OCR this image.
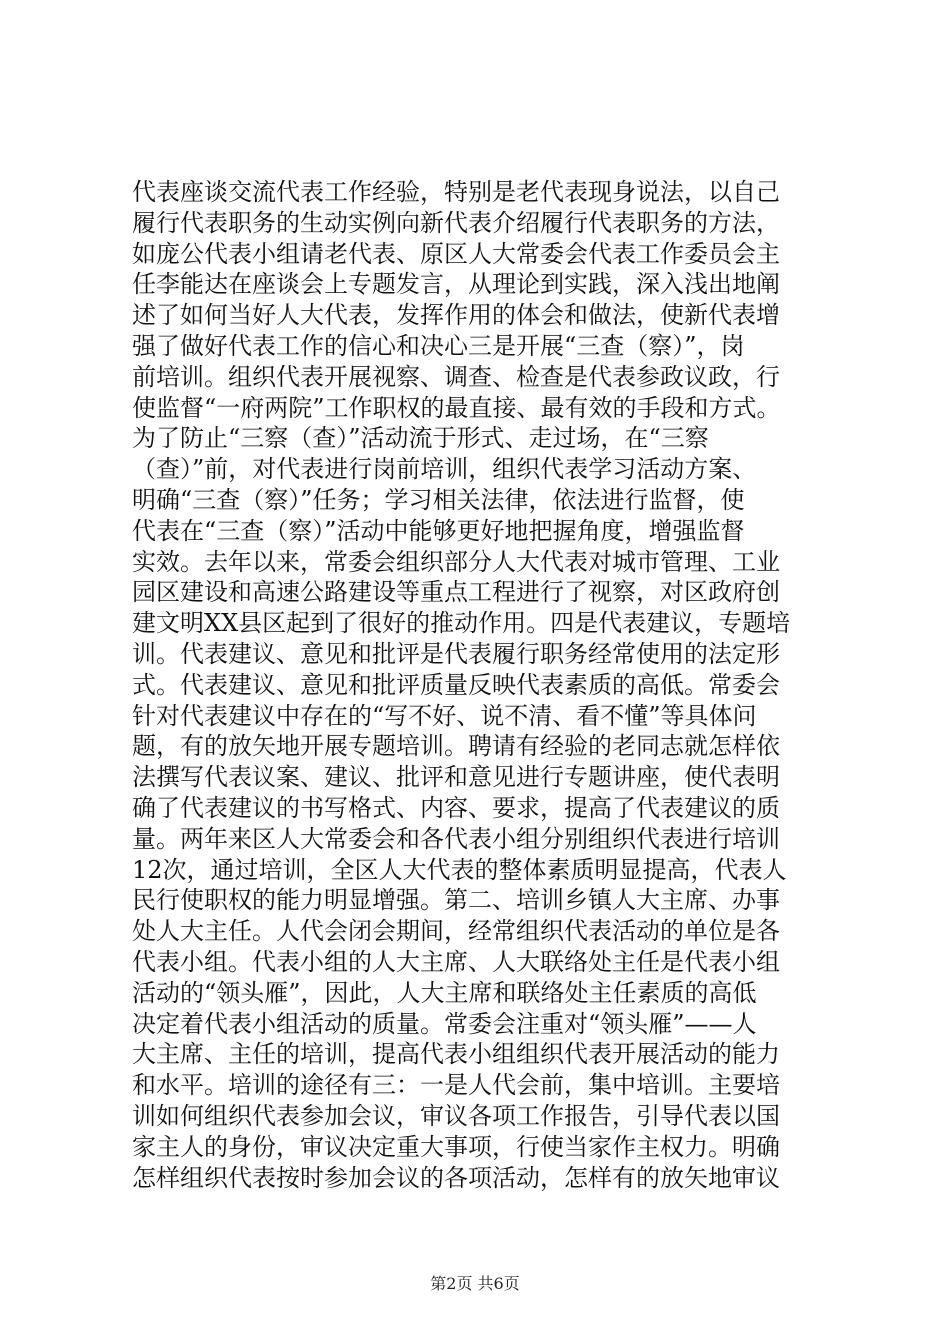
代表座谈交流代表工作经验，特别是老代表现身说法，以自己
履行代表职务的生动实例向新代表介绍履行代表职务的方法，
如庞公代表小组请老代表、原区人大常委会代表工作委员会主
任李能达在座谈会上专题发言，从理论到实践，深入浅出地阐
述了如何当好人大代表，发挥作用的体会和做法，使新代表增
强了做好代表工作的信心和决心三是开展“三查（察）”，岗
前培训。组织代表开展视察、调查、检查是代表参政议政，行
使监督“一府两院”工作职权的最直接、最有效的手段和方式。
为了防止“三察（查）”活动流于形式、走过场，在“三察
（查）”前，对代表进行岗前培训，组织代表学习活动方案、
明确“三查（察）”任务；学习相关法律，依法进行监督，使
代表在“三查（察）”活动中能够更好地把握角度，增强监督
实效。去年以来，常委会组织部分人大代表对城市管理、工业
园区建设和高速公路建设等重点工程进行了视察，对区政府创
建文明XX县区起到了很好的推动作用。四是代表建议，专题培
训。代表建议、意见和批评是代表履行职务经常使用的法定形
式。代表建议、意见和批评质量反映代表素质的高低。常委会
针对代表建议中存在的“写不好、说不清、看不懂”等具体问
题，有的放矢地开展专题培训。聘请有经验的老同志就怎样依
法撰写代表议案、建议、批评和意见进行专题讲座，使代表明
确了代表建议的书写格式、内容、要求，提高了代表建议的质
量。两年来区人大常委会和各代表小组分别组织代表进行培训
12次，通过培训，全区人大代表的整体素质明显提高，代表人
民行使职权的能力明显增强。第二、培训乡镇人大主席、办事
处人大主任。人代会闭会期间，经常组织代表活动的单位是各
代表小组。代表小组的人大主席、人大联络处主任是代表小组
活动的“领头雁”，因此，人大主席和联络处主任素质的高低
决定着代表小组活动的质量。常委会注重对“领头雁”——人
大主席、主任的培训，提高代表小组组织代表开展活动的能力
和水平。培训的途径有三：一是人代会前，集中培训。主要培
训如何组织代表参加会议，审议各项工作报告，引导代表以国
家主人的身份，审议决定重大事项，行使当家作主权力。明确
怎样组织代表按时参加会议的各项活动，怎样有的放矢地审议
第2页 共6页
